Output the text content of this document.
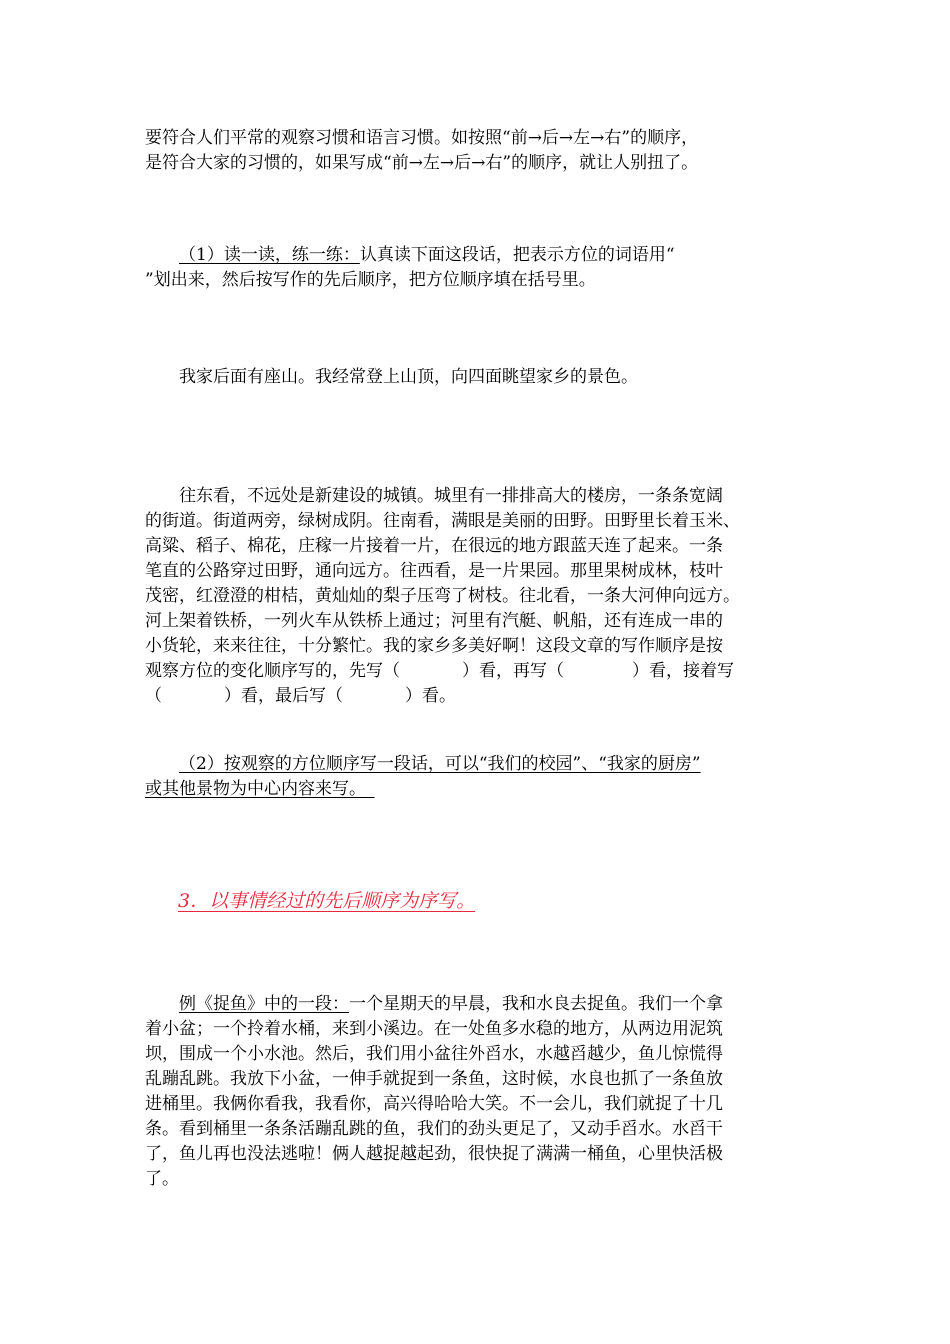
要符合人们平常的观察习惯和语言习惯。如按照“前→后→左→右”的顺序，
是符合大家的习惯的，如果写成“前→左→后→右”的顺序，就让人别扭了。
（1）读一读，练一练：认真读下面这段话，把表示方位的词语用“
”划出来，然后按写作的先后顺序，把方位顺序填在括号里。
我家后面有座山。我经常登上山顶，向四面眺望家乡的景色。
往东看，不远处是新建设的城镇。城里有一排排高大的楼房，一条条宽阔
的街道。街道两旁，绿树成阴。往南看，满眼是美丽的田野。田野里长着玉米、
高粱、稻子、棉花，庄稼一片接着一片，在很远的地方跟蓝天连了起来。一条
笔直的公路穿过田野，通向远方。往西看，是一片果园。那里果树成林，枝叶
茂密，红澄澄的柑桔，黄灿灿的梨子压弯了树枝。往北看，一条大河伸向远方。
河上架着铁桥，一列火车从铁桥上通过；河里有汽艇、帆船，还有连成一串的
小货轮，来来往往，十分繁忙。我的家乡多美好啊！这段文章的写作顺序是按
观察方位的变化顺序写的，先写（	）看，再写（	）看，接着写
（	）看，最后写（	）看。
（2）按观察的方位顺序写一段话，可以“我们的校园”、“我家的厨房”
或其他景物为中心内容来写。　
3．以事情经过的先后顺序为序写。
例《捉鱼》中的一段：一个星期天的早晨，我和水良去捉鱼。我们一个拿
着小盆；一个拎着水桶，来到小溪边。在一处鱼多水稳的地方，从两边用泥筑
坝，围成一个小水池。然后，我们用小盆往外舀水，水越舀越少，鱼儿惊慌得
乱蹦乱跳。我放下小盆，一伸手就捉到一条鱼，这时候，水良也抓了一条鱼放
进桶里。我俩你看我，我看你，高兴得哈哈大笑。不一会儿，我们就捉了十几
条。看到桶里一条条活蹦乱跳的鱼，我们的劲头更足了，又动手舀水。水舀干
了，鱼儿再也没法逃啦！俩人越捉越起劲，很快捉了满满一桶鱼，心里快活极
了。
